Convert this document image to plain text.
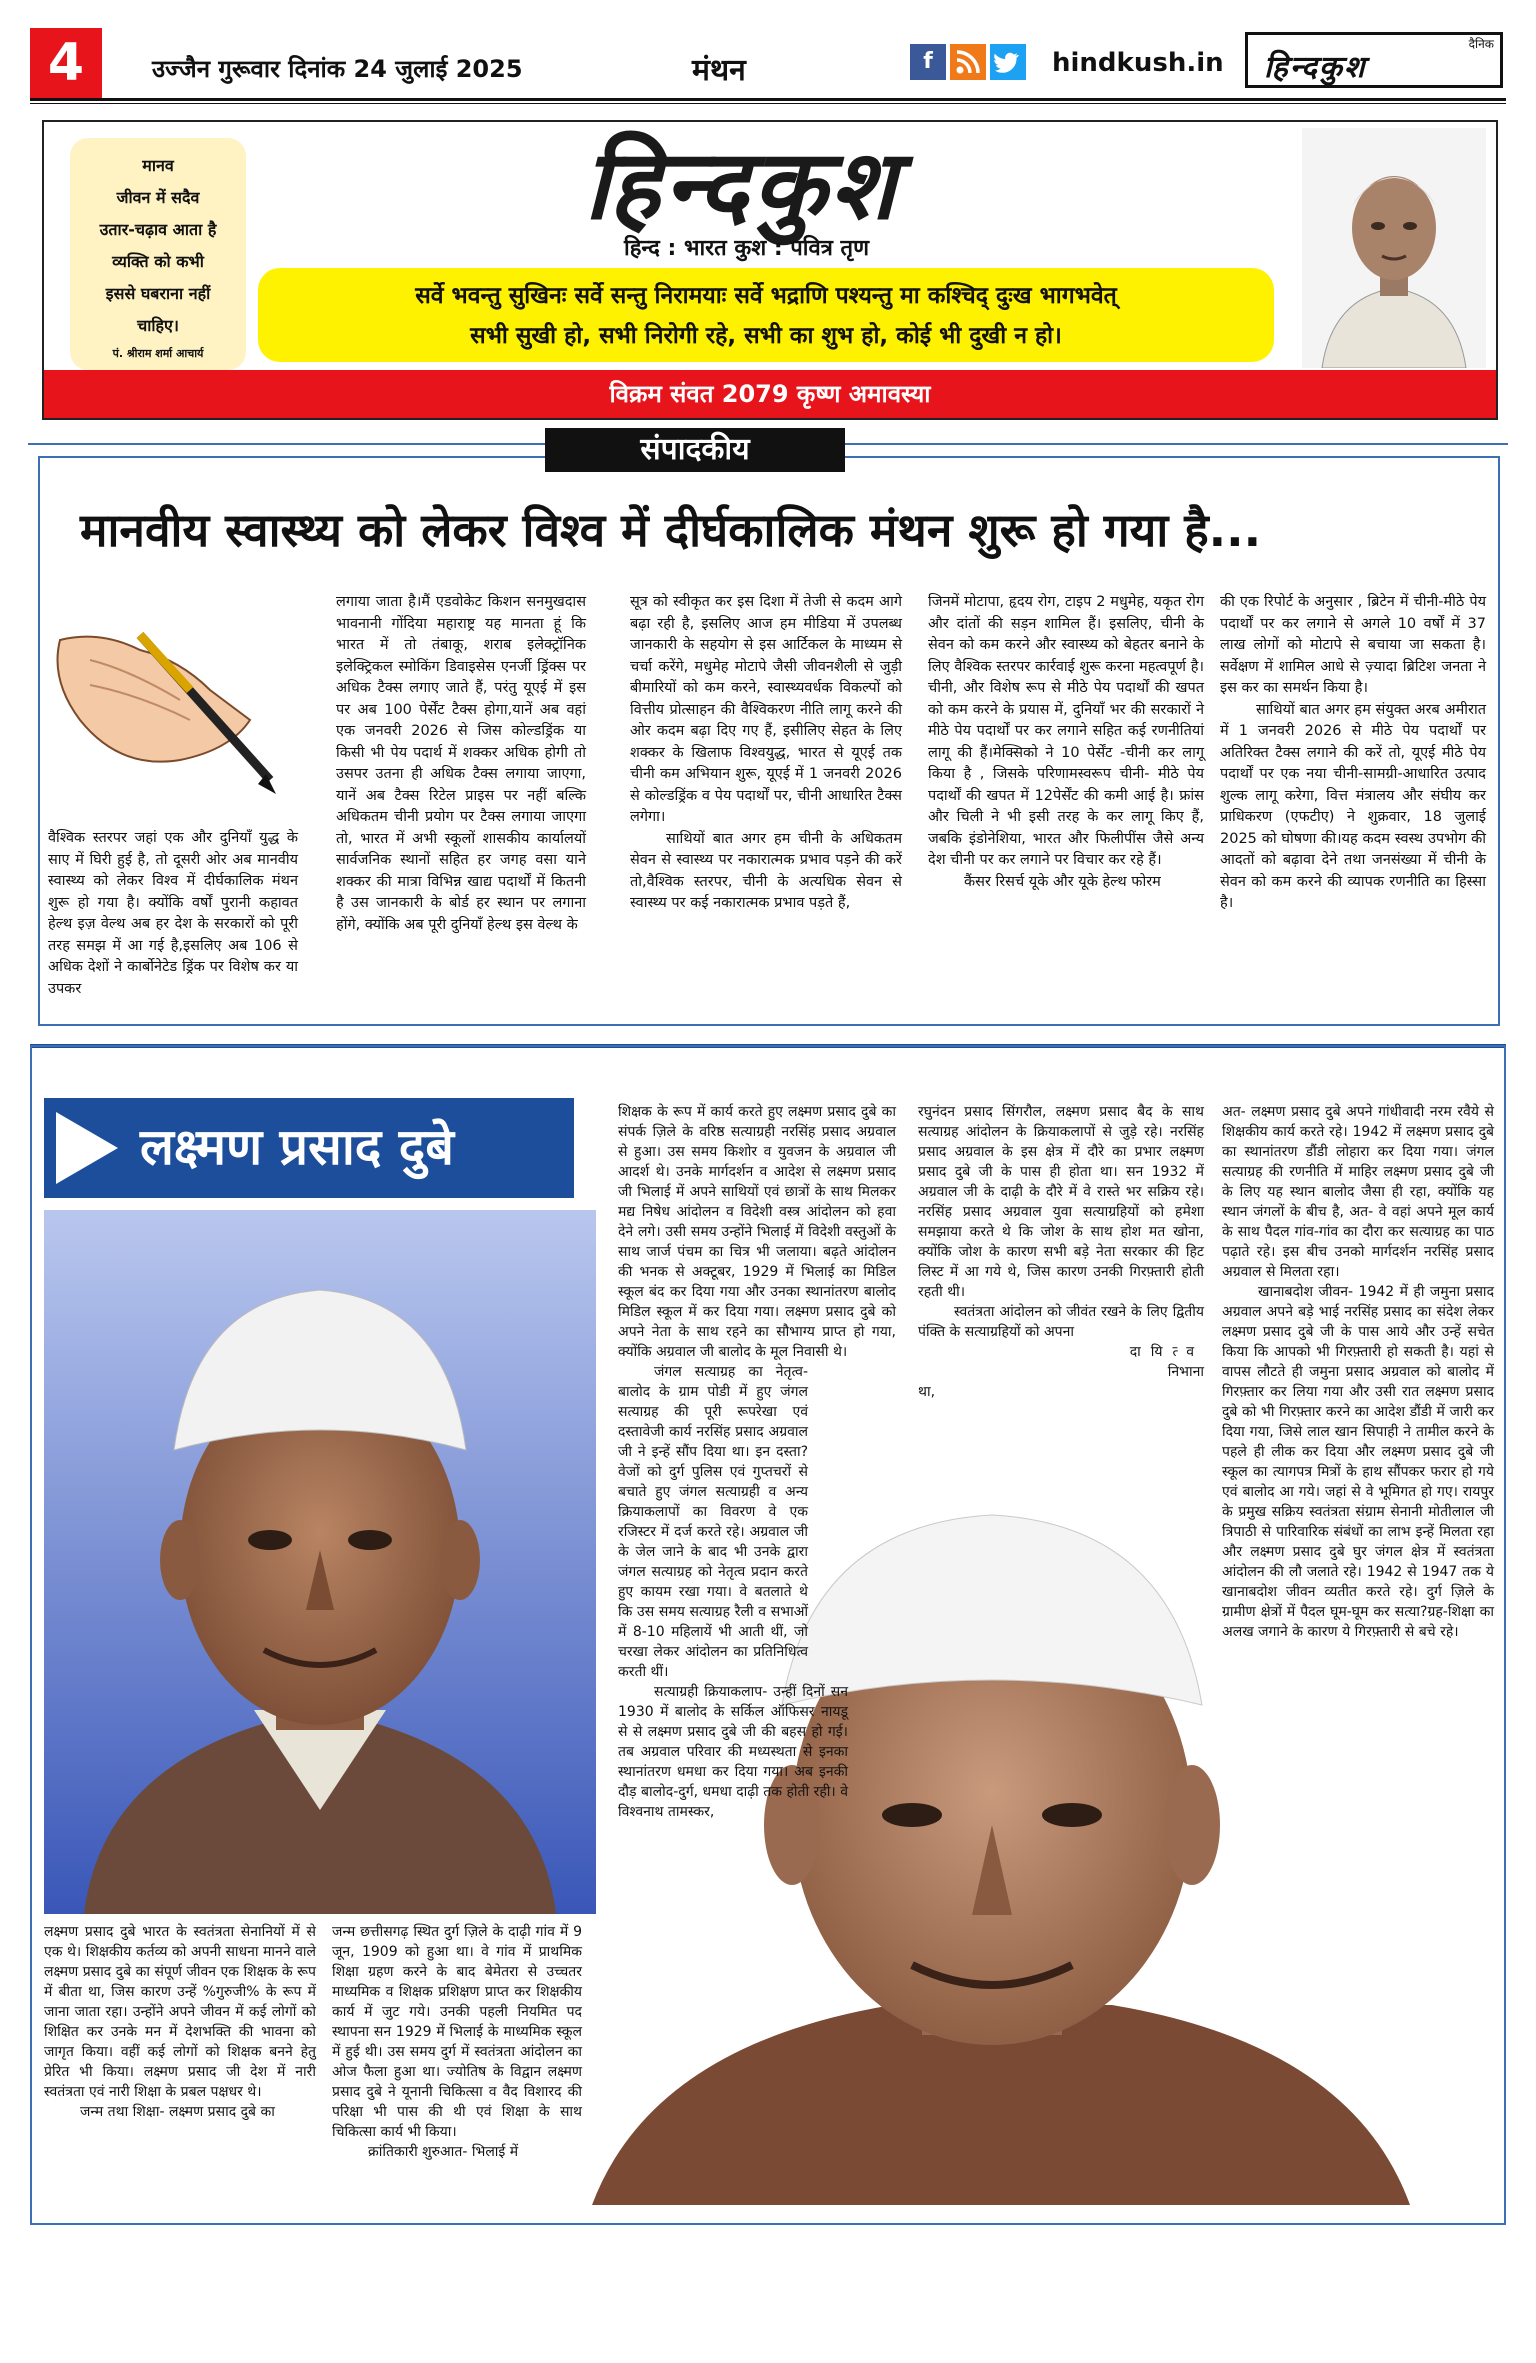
4	उज्जैन गुरूवार दिनांक 24 जुलाई 2025	मंथन	f	hindkush.in
दैनिक
हिन्दकुश
मानव
जीवन में सदैव
उतार-चढ़ाव आता है
व्यक्ति को कभी
इससे घबराना नहीं
चाहिए।
पं. श्रीराम शर्मा आचार्य
हिन्दकुश
हिन्द : भारत कुश : पवित्र तृण
सर्वे भवन्तु सुखिनः सर्वे सन्तु निरामयाः सर्वे भद्राणि पश्यन्तु मा कश्चिद् दुःख भागभवेत्
सभी सुखी हो, सभी निरोगी रहे, सभी का शुभ हो, कोई भी दुखी न हो।
विक्रम संवत 2079 कृष्ण अमावस्या
संपादकीय
मानवीय स्वास्थ्य को लेकर विश्व में दीर्घकालिक मंथन शुरू हो गया है...

वैश्विक स्तरपर जहां एक और दुनियाँ युद्ध के साए में घिरी हुई है, तो दूसरी ओर अब मानवीय स्वास्थ्य को लेकर विश्व में दीर्घकालिक मंथन शुरू हो गया है। क्योंकि वर्षों पुरानी कहावत हेल्थ इज़ वेल्थ अब हर देश के सरकारों को पूरी तरह समझ में आ गई है,इसलिए अब 106 से अधिक देशों ने कार्बोनेटेड ड्रिंक पर विशेष कर या उपकर

लगाया जाता है।मैं एडवोकेट किशन सनमुखदास भावनानी गोंदिया महाराष्ट्र यह मानता हूं कि भारत में तो तंबाकू, शराब इलेक्ट्रॉनिक इलेक्ट्रिकल स्मोकिंग डिवाइसेस एनर्जी ड्रिंक्स पर अधिक टैक्स लगाए जाते हैं, परंतु यूएई में इस पर अब 100 पेर्सेंट टैक्स होगा,यानें अब वहां एक जनवरी 2026 से जिस कोल्डड्रिंक या किसी भी पेय पदार्थ में शक्कर अधिक होगी तो उसपर उतना ही अधिक टैक्स लगाया जाएगा, यानें अब टैक्स रिटेल प्राइस पर नहीं बल्कि अधिकतम चीनी प्रयोग पर टैक्स लगाया जाएगा तो, भारत में अभी स्कूलों शासकीय कार्यालयों सार्वजनिक स्थानों सहित हर जगह वसा याने शक्कर की मात्रा विभिन्न खाद्य पदार्थों में कितनी है उस जानकारी के बोर्ड हर स्थान पर लगाना होंगे, क्योंकि अब पूरी दुनियाँ हेल्थ इस वेल्थ के

सूत्र को स्वीकृत कर इस दिशा में तेजी से कदम आगे बढ़ा रही है, इसलिए आज हम मीडिया में उपलब्ध जानकारी के सहयोग से इस आर्टिकल के माध्यम से चर्चा करेंगे, मधुमेह मोटापे जैसी जीवनशैली से जुड़ी बीमारियों को कम करने, स्वास्थ्यवर्धक विकल्पों को वित्तीय प्रोत्साहन की वैश्विकरण नीति लागू करने की ओर कदम बढ़ा दिए गए हैं, इसीलिए सेहत के लिए शक्कर के खिलाफ विश्वयुद्ध, भारत से यूएई तक चीनी कम अभियान शुरू, यूएई में 1 जनवरी 2026 से कोल्डड्रिंक व पेय पदार्थों पर, चीनी आधारित टैक्स लगेगा।

साथियों बात अगर हम चीनी के अधिकतम सेवन से स्वास्थ्य पर नकारात्मक प्रभाव पड़ने की करें तो,वैश्विक स्तरपर, चीनी के अत्यधिक सेवन से स्वास्थ्य पर कई नकारात्मक प्रभाव पड़ते हैं,

जिनमें मोटापा, हृदय रोग, टाइप 2 मधुमेह, यकृत रोग और दांतों की सड़न शामिल हैं। इसलिए, चीनी के सेवन को कम करने और स्वास्थ्य को बेहतर बनाने के लिए वैश्विक स्तरपर कार्रवाई शुरू करना महत्वपूर्ण है।चीनी, और विशेष रूप से मीठे पेय पदार्थों की खपत को कम करने के प्रयास में, दुनियाँ भर की सरकारों ने मीठे पेय पदार्थों पर कर लगाने सहित कई रणनीतियां लागू की हैं।मेक्सिको ने 10 पेर्सेंट -चीनी कर लागू किया है , जिसके परिणामस्वरूप चीनी- मीठे पेय पदार्थों की खपत में 12पेर्सेंट की कमी आई है। फ्रांस और चिली ने भी इसी तरह के कर लागू किए हैं, जबकि इंडोनेशिया, भारत और फिलीपींस जैसे अन्य देश चीनी पर कर लगाने पर विचार कर रहे हैं।

कैंसर रिसर्च यूके और यूके हेल्थ फोरम

की एक रिपोर्ट के अनुसार , ब्रिटेन में चीनी-मीठे पेय पदार्थों पर कर लगाने से अगले 10 वर्षों में 37 लाख लोगों को मोटापे से बचाया जा सकता है। सर्वेक्षण में शामिल आधे से ज़्यादा ब्रिटिश जनता ने इस कर का समर्थन किया है।

साथियों बात अगर हम संयुक्त अरब अमीरात में 1 जनवरी 2026 से मीठे पेय पदार्थों पर अतिरिक्त टैक्स लगाने की करें तो, यूएई मीठे पेय पदार्थों पर एक नया चीनी-सामग्री-आधारित उत्पाद शुल्क लागू करेगा, वित्त मंत्रालय और संघीय कर प्राधिकरण (एफटीए) ने शुक्रवार, 18 जुलाई 2025 को घोषणा की।यह कदम स्वस्थ उपभोग की आदतों को बढ़ावा देने तथा जनसंख्या में चीनी के सेवन को कम करने की व्यापक रणनीति का हिस्सा है।

लक्ष्मण प्रसाद दुबे

लक्ष्मण प्रसाद दुबे भारत के स्वतंत्रता सेनानियों में से एक थे। शिक्षकीय कर्तव्य को अपनी साधना मानने वाले लक्ष्मण प्रसाद दुबे का संपूर्ण जीवन एक शिक्षक के रूप में बीता था, जिस कारण उन्हें %गुरुजी% के रूप में जाना जाता रहा। उन्होंने अपने जीवन में कई लोगों को शिक्षित कर उनके मन में देशभक्ति की भावना को जागृत किया। वहीं कई लोगों को शिक्षक बनने हेतु प्रेरित भी किया। लक्ष्मण प्रसाद जी देश में नारी स्वतंत्रता एवं नारी शिक्षा के प्रबल पक्षधर थे।

जन्म तथा शिक्षा- लक्ष्मण प्रसाद दुबे का

जन्म छत्तीसगढ़ स्थित दुर्ग ज़िले के दाढ़ी गांव में 9 जून, 1909 को हुआ था। वे गांव में प्राथमिक शिक्षा ग्रहण करने के बाद बेमेतरा से उच्चतर माध्यमिक व शिक्षक प्रशिक्षण प्राप्त कर शिक्षकीय कार्य में जुट गये। उनकी पहली नियमित पद स्थापना सन 1929 में भिलाई के माध्यमिक स्कूल में हुई थी। उस समय दुर्ग में स्वतंत्रता आंदोलन का ओज फैला हुआ था। ज्योतिष के विद्वान लक्ष्मण प्रसाद दुबे ने यूनानी चिकित्सा व वैद विशारद की परिक्षा भी पास की थी एवं शिक्षा के साथ चिकित्सा कार्य भी किया।

क्रांतिकारी शुरुआत- भिलाई में

शिक्षक के रूप में कार्य करते हुए लक्ष्मण प्रसाद दुबे का संपर्क ज़िले के वरिष्ठ सत्याग्रही नरसिंह प्रसाद अग्रवाल से हुआ। उस समय किशोर व युवजन के अग्रवाल जी आदर्श थे। उनके मार्गदर्शन व आदेश से लक्ष्मण प्रसाद जी भिलाई में अपने साथियों एवं छात्रों के साथ मिलकर मद्य निषेध आंदोलन व विदेशी वस्त्र आंदोलन को हवा देने लगे। उसी समय उन्होंने भिलाई में विदेशी वस्तुओं के साथ जार्ज पंचम का चित्र भी जलाया। बढ़ते आंदोलन की भनक से अक्टूबर, 1929 में भिलाई का मिडिल स्कूल बंद कर दिया गया और उनका स्थानांतरण बालोद मिडिल स्कूल में कर दिया गया। लक्ष्मण प्रसाद दुबे को अपने नेता के साथ रहने का सौभाग्य प्राप्त हो गया, क्योंकि अग्रवाल जी बालोद के मूल निवासी थे।

जंगल सत्याग्रह का नेतृत्व- बालोद के ग्राम पोडी में हुए जंगल सत्याग्रह की पूरी रूपरेखा एवं दस्तावेजी कार्य नरसिंह प्रसाद अग्रवाल जी ने इन्हें सौंप दिया था। इन दस्ता?वेजों को दुर्ग पुलिस एवं गुप्तचरों से बचाते हुए जंगल सत्याग्रही व अन्य क्रियाकलापों का विवरण वे एक रजिस्टर में दर्ज करते रहे। अग्रवाल जी के जेल जाने के बाद भी उनके द्वारा जंगल सत्याग्रह को नेतृत्व प्रदान करते हुए कायम रखा गया। वे बतलाते थे कि उस समय सत्याग्रह रैली व सभाओं में 8-10 महिलायें भी आती थीं, जो चरखा लेकर आंदोलन का प्रतिनिधित्व करती थीं।

सत्याग्रही क्रियाकलाप- उन्हीं दिनों सन 1930 में बालोद के सर्किल ऑफिसर नायडू से से लक्ष्मण प्रसाद दुबे जी की बहस हो गई। तब अग्रवाल परिवार की मध्यस्थता से इनका स्थानांतरण धमधा कर दिया गया। अब इनकी दौड़ बालोद-दुर्ग, धमधा दाढ़ी तक होती रही। वे विश्वनाथ तामस्कर,

रघुनंदन प्रसाद सिंगरौल, लक्ष्मण प्रसाद बैद के साथ सत्याग्रह आंदोलन के क्रियाकलापों से जुड़े रहे। नरसिंह प्रसाद अग्रवाल के इस क्षेत्र में दौरे का प्रभार लक्ष्मण प्रसाद दुबे जी के पास ही होता था। सन 1932 में अग्रवाल जी के दाढ़ी के दौरे में वे रास्ते भर सक्रिय रहे। नरसिंह प्रसाद अग्रवाल युवा सत्याग्रहियों को हमेशा समझाया करते थे कि जोश के साथ होश मत खोना, क्योंकि जोश के कारण सभी बड़े नेता सरकार की हिट लिस्ट में आ गये थे, जिस कारण उनकी गिरफ़्तारी होती रहती थी।

स्वतंत्रता आंदोलन को जीवंत रखने के लिए द्वितीय पंक्ति के सत्याग्रहियों को अपना

दायित्व

निभाना

था,

अत- लक्ष्मण प्रसाद दुबे अपने गांधीवादी नरम रवैये से शिक्षकीय कार्य करते रहे। 1942 में लक्ष्मण प्रसाद दुबे का स्थानांतरण डौंडी लोहारा कर दिया गया। जंगल सत्याग्रह की रणनीति में माहिर लक्ष्मण प्रसाद दुबे जी के लिए यह स्थान बालोद जैसा ही रहा, क्योंकि यह स्थान जंगलों के बीच है, अत- वे वहां अपने मूल कार्य के साथ पैदल गांव-गांव का दौरा कर सत्याग्रह का पाठ पढ़ाते रहे। इस बीच उनको मार्गदर्शन नरसिंह प्रसाद अग्रवाल से मिलता रहा।

खानाबदोश जीवन- 1942 में ही जमुना प्रसाद अग्रवाल अपने बड़े भाई नरसिंह प्रसाद का संदेश लेकर लक्ष्मण प्रसाद दुबे जी के पास आये और उन्हें सचेत किया कि आपको भी गिरफ़्तारी हो सकती है। यहां से वापस लौटते ही जमुना प्रसाद अग्रवाल को बालोद में गिरफ़्तार कर लिया गया और उसी रात लक्ष्मण प्रसाद दुबे को भी गिरफ़्तार करने का आदेश डौंडी में जारी कर दिया गया, जिसे लाल खान सिपाही ने तामील करने के पहले ही लीक कर दिया और लक्ष्मण प्रसाद दुबे जी स्कूल का त्यागपत्र मित्रों के हाथ सौंपकर फरार हो गये एवं बालोद आ गये। जहां से वे भूमिगत हो गए। रायपुर के प्रमुख सक्रिय स्वतंत्रता संग्राम सेनानी मोतीलाल जी त्रिपाठी से पारिवारिक संबंधों का लाभ इन्हें मिलता रहा और लक्ष्मण प्रसाद दुबे घुर जंगल क्षेत्र में स्वतंत्रता आंदोलन की लौ जलाते रहे। 1942 से 1947 तक ये खानाबदोश जीवन व्यतीत करते रहे। दुर्ग ज़िले के ग्रामीण क्षेत्रों में पैदल घूम-घूम कर सत्या?ग्रह-शिक्षा का अलख जगाने के कारण ये गिरफ़्तारी से बचे रहे।
